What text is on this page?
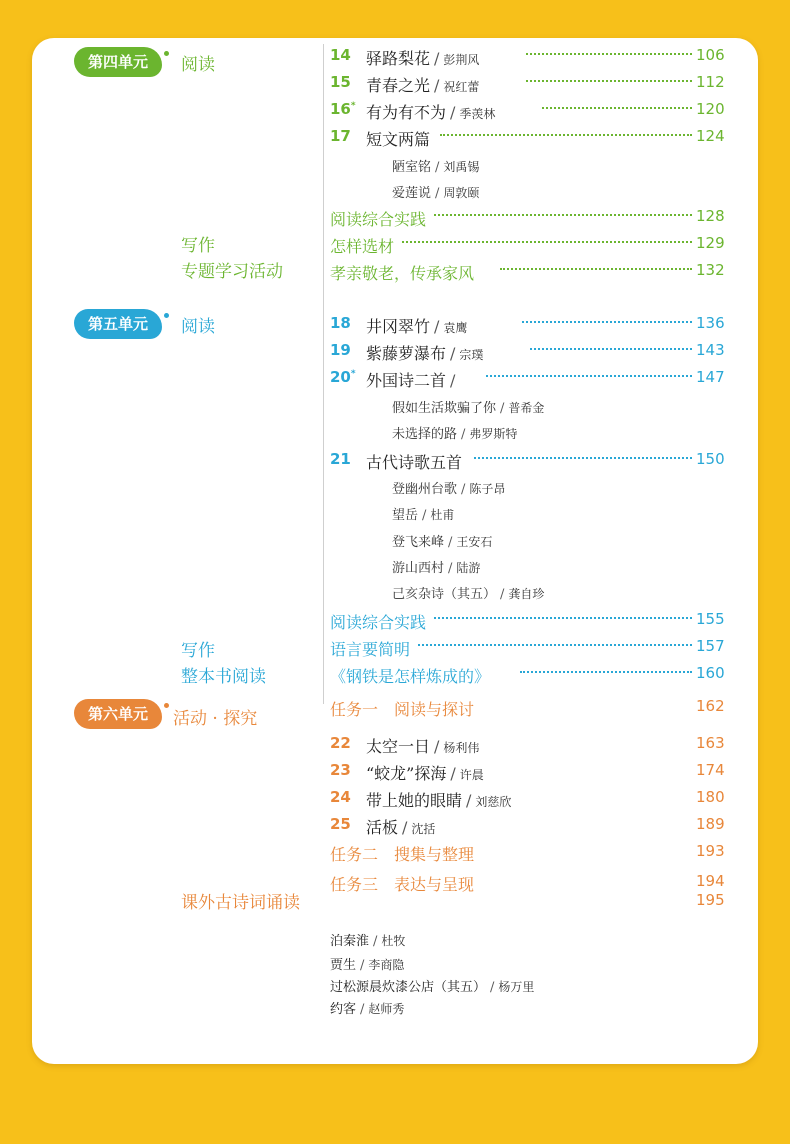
第四单元	阅读
第五单元	阅读
第六单元	活动 · 探究
写作
专题学习活动
写作
整本书阅读
课外古诗词诵读
14 驿路梨花 / 彭荆风	106
15 青春之光 / 祝红蕾	112
16* 有为有不为 / 季羡林	120
17 短文两篇	124
陋室铭 / 刘禹锡
爱莲说 / 周敦颐
阅读综合实践	128
怎样选材	129
孝亲敬老，传承家风	132
18 井冈翠竹 / 袁鹰	136
19 紫藤萝瀑布 / 宗璞	143
20* 外国诗二首 /	147
假如生活欺骗了你 / 普希金
未选择的路 / 弗罗斯特
21 古代诗歌五首	150
登幽州台歌 / 陈子昂
望岳 / 杜甫
登飞来峰 / 王安石
游山西村 / 陆游
己亥杂诗（其五） / 龚自珍
阅读综合实践	155
语言要简明	157
《钢铁是怎样炼成的》	160
任务一　阅读与探讨	162
22 太空一日 / 杨利伟	163
23 “蛟龙”探海 / 许晨	174
24 带上她的眼睛 / 刘慈欣	180
25 活板 / 沈括	189
任务二　搜集与整理	193
任务三　表达与呈现	194
195
泊秦淮 / 杜牧
贾生 / 李商隐
过松源晨炊漆公店（其五） / 杨万里
约客 / 赵师秀
